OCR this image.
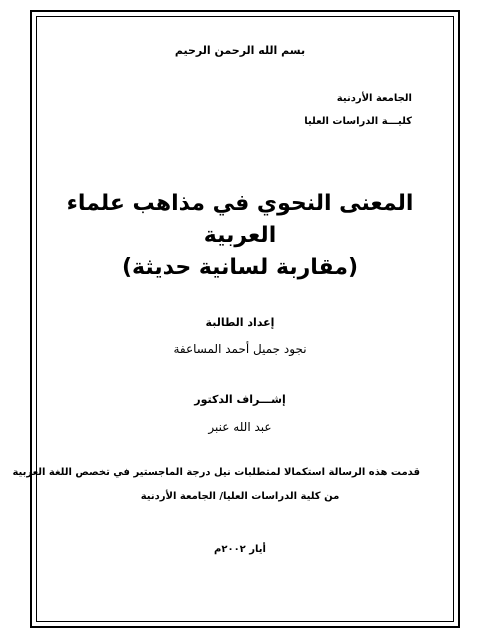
بسم الله الرحمن الرحيم
الجامعة الأردنية
كليـــة الدراسات العليا
المعنى النحوي في مذاهب علماء
العربية
(مقاربة لسانية حديثة)
إعداد الطالبة
نجود جميل أحمد المساعفة
إشـــراف الدكتور
عبد الله عنبر
قدمت هذه الرسالة استكمالا لمتطلبات نيل درجة الماجستير في تخصص اللغة العربية
من كلية الدراسات العليا/ الجامعة الأردنية
أيار ٢٠٠٢م
